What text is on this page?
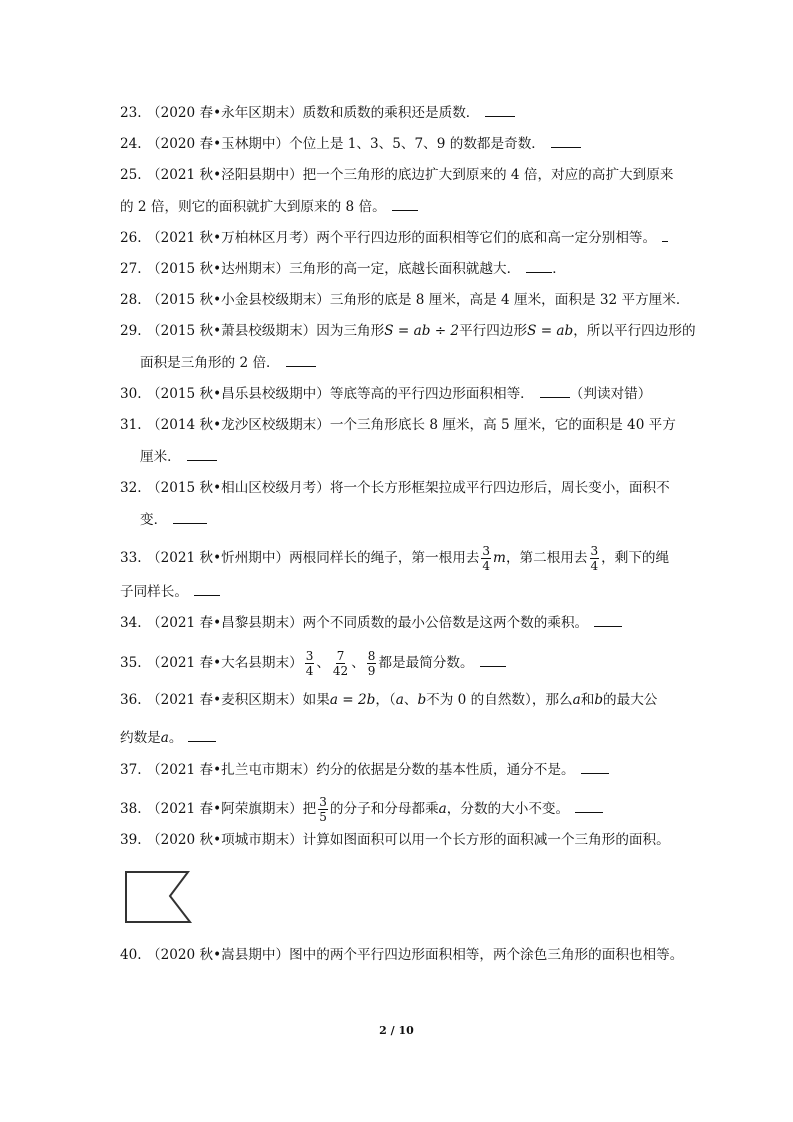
23. （2020 春•永年区期末）质数和质数的乘积还是质数．
24. （2020 春•玉林期中）个位上是 1、3、5、7、9 的数都是奇数．
25. （2021 秋•泾阳县期中）把一个三角形的底边扩大到原来的 4 倍，对应的高扩大到原来
的 2 倍，则它的面积就扩大到原来的 8 倍。
26. （2021 秋•万柏林区月考）两个平行四边形的面积相等它们的底和高一定分别相等。
27. （2015 秋•达州期末）三角形的高一定，底越长面积就越大． ．
28. （2015 秋•小金县校级期末）三角形的底是 8 厘米，高是 4 厘米，面积是 32 平方厘米．
29. （2015 秋•萧县校级期末）因为三角形S = ab ÷ 2平行四边形S = ab，所以平行四边形的
面积是三角形的 2 倍．
30. （2015 秋•昌乐县校级期中）等底等高的平行四边形面积相等．	（判读对错）
31. （2014 秋•龙沙区校级期末）一个三角形底长 8 厘米，高 5 厘米，它的面积是 40 平方
厘米．
32. （2015 秋•相山区校级月考）将一个长方形框架拉成平行四边形后，周长变小，面积不
变．
33. （2021 秋•忻州期中）两根同样长的绳子，第一根用去 $\frac{3}{4}$ m，第二根用去 $\frac{3}{4}$ ，剩下的绳
子同样长。
34. （2021 春•昌黎县期末）两个不同质数的最小公倍数是这两个数的乘积。
35. （2021 春•大名县期末） $\frac{3}{4}$ 、 $\frac{7}{42}$ 、 $\frac{8}{9}$ 都是最简分数。
36. （2021 春•麦积区期末）如果a = 2b，（a、b不为 0 的自然数），那么a和b的最大公
约数是a。
37. （2021 春•扎兰屯市期末）约分的依据是分数的基本性质，通分不是。
38. （2021 春•阿荣旗期末）把 $\frac{3}{5}$ 的分子和分母都乘a，分数的大小不变。
39. （2020 秋•项城市期末）计算如图面积可以用一个长方形的面积减一个三角形的面积。
40. （2020 秋•嵩县期中）图中的两个平行四边形面积相等，两个涂色三角形的面积也相等。
2 / 10
